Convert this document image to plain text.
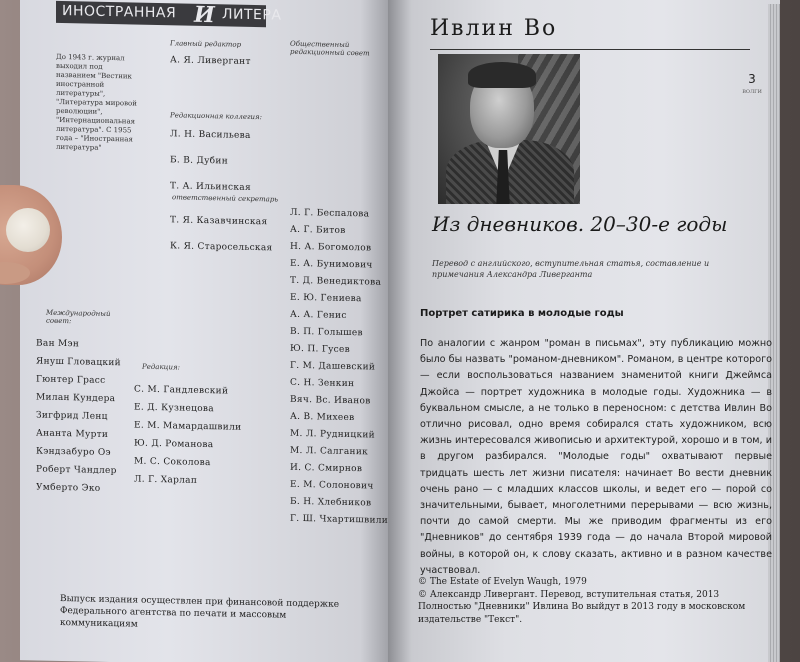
ИНОСТРАННАЯ И ЛИТЕРА
До 1943 г. журнал выходил под названием "Вестник иностранной литературы", "Литература мировой революции", "Интернациональная литература". С 1955 года – "Иностранная литература"
Главный редактор
А. Я. Ливергант
Общественный редакционный совет
Редакционная коллегия:
Л. Н. Васильева
Б. В. Дубин
Т. А. Ильинская
ответственный секретарь
Т. Я. Казавчинская
К. Я. Старосельская
Л. Г. Беспалова
А. Г. Битов
Н. А. Богомолов
Е. А. Бунимович
Т. Д. Венедиктова
Е. Ю. Гениева
А. А. Генис
В. П. Голышев
Ю. П. Гусев
Г. М. Дашевский
С. Н. Зенкин
Вяч. Вс. Иванов
А. В. Михеев
М. Л. Рудницкий
М. Л. Салганик
И. С. Смирнов
Е. М. Солонович
Б. Н. Хлебников
Г. Ш. Чхартишвили
Международный совет:
Ван Мэн
Януш Гловацкий
Гюнтер Грасс
Милан Кундера
Зигфрид Ленц
Ананта Мурти
Кэндзабуро Оэ
Роберт Чандлер
Умберто Эко
Редакция:
С. М. Гандлевский
Е. Д. Кузнецова
Е. М. Мамардашвили
Ю. Д. Романова
М. С. Соколова
Л. Г. Харлап
Выпуск издания осуществлен при финансовой поддержке Федерального агентства по печати и массовым коммуникациям
Ивлин Во
3
ВОЛГИ
Из дневников. 20–30-е годы
Перевод с английского, вступительная статья, составление и примечания Александра Ливерганта
Портрет сатирика в молодые годы
По аналогии с жанром "роман в письмах", эту публикацию можно было бы назвать "романом-дневником". Романом, в центре которого — если воспользоваться названием знаменитой книги Джеймса Джойса — портрет художника в молодые годы. Художника — в буквальном смысле, а не только в переносном: с детства Ивлин Во отлично рисовал, одно время собирался стать художником, всю жизнь интересовался живописью и архитектурой, хорошо и в том, и в другом разбирался. "Молодые годы" охватывают первые тридцать шесть лет жизни писателя: начинает Во вести дневник очень рано — с младших классов школы, и ведет его — порой со значительными, бывает, многолетними перерывами — всю жизнь, почти до самой смерти. Мы же приводим фрагменты из его "Дневников" до сентября 1939 года — до начала Второй мировой войны, в которой он, к слову сказать, активно и в разном качестве участвовал.
© The Estate of Evelyn Waugh, 1979
© Александр Ливергант. Перевод, вступительная статья, 2013
Полностью "Дневники" Ивлина Во выйдут в 2013 году в московском издательстве "Текст".
